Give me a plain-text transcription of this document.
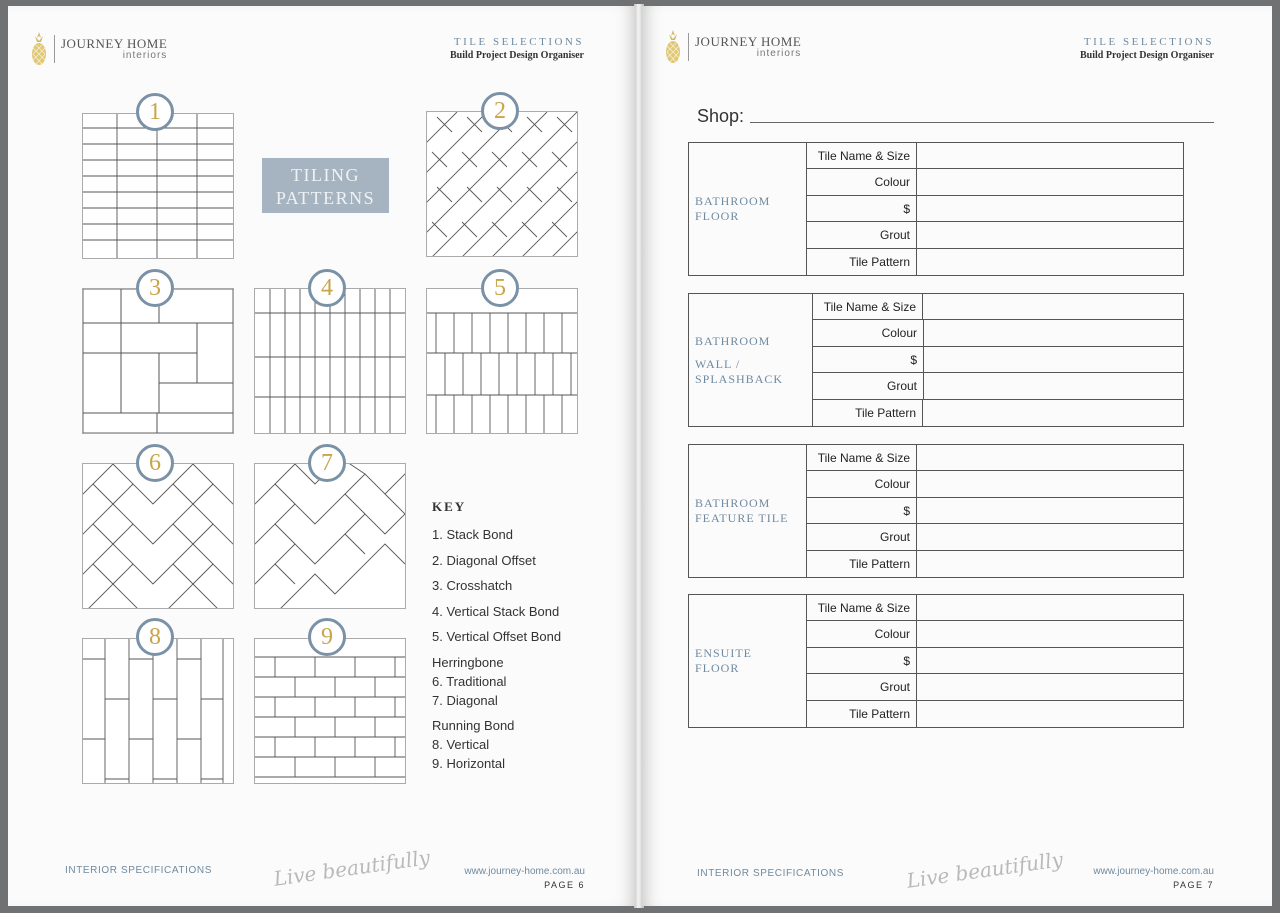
JOURNEY HOME
interiors
TILE SELECTIONS
Build Project Design Organiser
1
TILING
PATTERNS
2
3	4	5
6	7
8	9
KEY
1. Stack Bond
2. Diagonal Offset
3. Crosshatch
4. Vertical Stack Bond
5. Vertical Offset Bond
Herringbone
6. Traditional
7. Diagonal
Running Bond
8. Vertical
9. Horizontal
INTERIOR SPECIFICATIONS	Live beautifully	www.journey-home.com.au
PAGE 6
JOURNEY HOME
interiors
TILE SELECTIONS
Build Project Design Organiser
Shop:
BATHROOM
FLOOR
Tile Name & Size
Colour
$
Grout
Tile Pattern
BATHROOM
WALL /
SPLASHBACK
Tile Name & Size
Colour
$
Grout
Tile Pattern
BATHROOM
FEATURE TILE
Tile Name & Size
Colour
$
Grout
Tile Pattern
ENSUITE
FLOOR
Tile Name & Size
Colour
$
Grout
Tile Pattern
INTERIOR SPECIFICATIONS	Live beautifully	www.journey-home.com.au
PAGE 7
